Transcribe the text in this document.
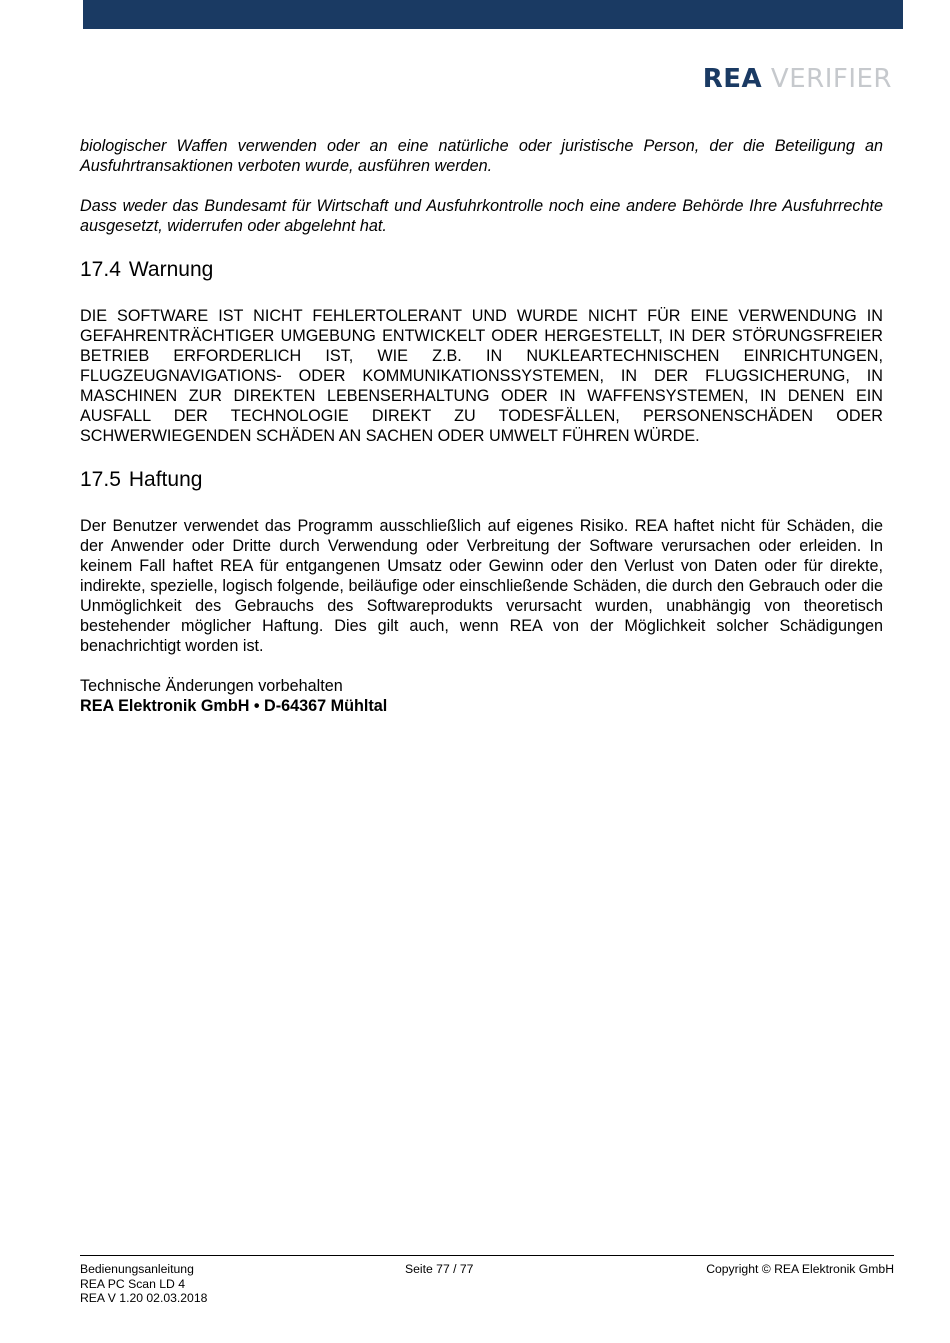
REA VERIFIER

biologischer Waffen verwenden oder an eine natürliche oder juristische Person, der die Beteiligung an Ausfuhrtransaktionen verboten wurde, ausführen werden.

Dass weder das Bundesamt für Wirtschaft und Ausfuhrkontrolle noch eine andere Behörde Ihre Ausfuhrrechte ausgesetzt, widerrufen oder abgelehnt hat.

17.4 Warnung

DIE SOFTWARE IST NICHT FEHLERTOLERANT UND WURDE NICHT FÜR EINE VERWENDUNG IN GEFAHRENTRÄCHTIGER UMGEBUNG ENTWICKELT ODER HERGESTELLT, IN DER STÖRUNGSFREIER BETRIEB ERFORDERLICH IST, WIE Z.B. IN NUKLEARTECHNISCHEN EINRICHTUNGEN, FLUGZEUGNAVIGATIONS- ODER KOMMUNIKATIONSSYSTEMEN, IN DER FLUGSICHERUNG, IN MASCHINEN ZUR DIREKTEN LEBENSERHALTUNG ODER IN WAFFENSYSTEMEN, IN DENEN EIN AUSFALL DER TECHNOLOGIE DIREKT ZU TODESFÄLLEN, PERSONENSCHÄDEN ODER SCHWERWIEGENDEN SCHÄDEN AN SACHEN ODER UMWELT FÜHREN WÜRDE.

17.5 Haftung

Der Benutzer verwendet das Programm ausschließlich auf eigenes Risiko. REA haftet nicht für Schäden, die der Anwender oder Dritte durch Verwendung oder Verbreitung der Software verursachen oder erleiden. In keinem Fall haftet REA für entgangenen Umsatz oder Gewinn oder den Verlust von Daten oder für direkte, indirekte, spezielle, logisch folgende, beiläufige oder einschließende Schäden, die durch den Gebrauch oder die Unmöglichkeit des Gebrauchs des Softwareprodukts verursacht wurden, unabhängig von theoretisch bestehender möglicher Haftung. Dies gilt auch, wenn REA von der Möglichkeit solcher Schädigungen benachrichtigt worden ist.

Technische Änderungen vorbehalten
REA Elektronik GmbH • D-64367 Mühltal
Bedienungsanleitung
REA PC Scan LD 4
REA V 1.20 02.03.2018
Seite 77 / 77	Copyright © REA Elektronik GmbH
